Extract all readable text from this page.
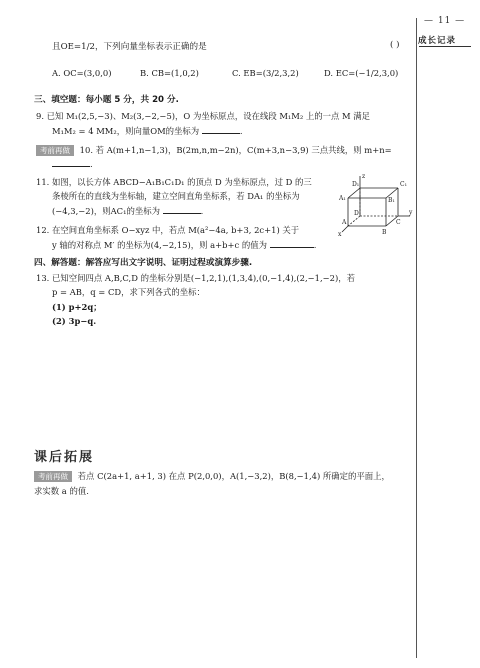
— 11 —
成长记录
且OE=1/2，下列向量坐标表示正确的是	( )
A. OC=(3,0,0)	B. CB=(1,0,2)	C. EB=(3/2,3,2)	D. EC=(−1/2,3,0)
三、填空题：每小题 5 分，共 20 分.
9. 已知 M₁(2,5,−3)、M₂(3,−2,−5)，O 为坐标原点，设在线段 M₁M₂ 上的一点 M 满足
M₁M₂ = 4 MM₂，则向量OM的坐标为	.
考前再做 10. 若 A(m+1,n−1,3)，B(2m,n,m−2n)，C(m+3,n−3,9) 三点共线，则 m+n=
.
11. 如图，以长方体 ABCD−A₁B₁C₁D₁ 的顶点 D 为坐标原点，过 D 的三
条棱所在的直线为坐标轴，建立空间直角坐标系，若 DA₁ 的坐标为
(−4,3,−2)，则AC₁的坐标为	.
D₁	C₁
A₁	B₁
D
C
A
B
x
y
z
12. 在空间直角坐标系 O−xyz 中，若点 M(a²−4a, b+3, 2c+1) 关于
y 轴的对称点 M′ 的坐标为(4,−2,15)，则 a+b+c 的值为	.
四、解答题：解答应写出文字说明、证明过程或演算步骤.
13. 已知空间四点 A,B,C,D 的坐标分别是(−1,2,1),(1,3,4),(0,−1,4),(2,−1,−2)，若
p = AB，q = CD，求下列各式的坐标：
(1) p+2q；
(2) 3p−q.
课后拓展
考前再做 若点 C(2a+1, a+1, 3) 在点 P(2,0,0)，A(1,−3,2)，B(8,−1,4) 所确定的平面上，
求实数 a 的值.
